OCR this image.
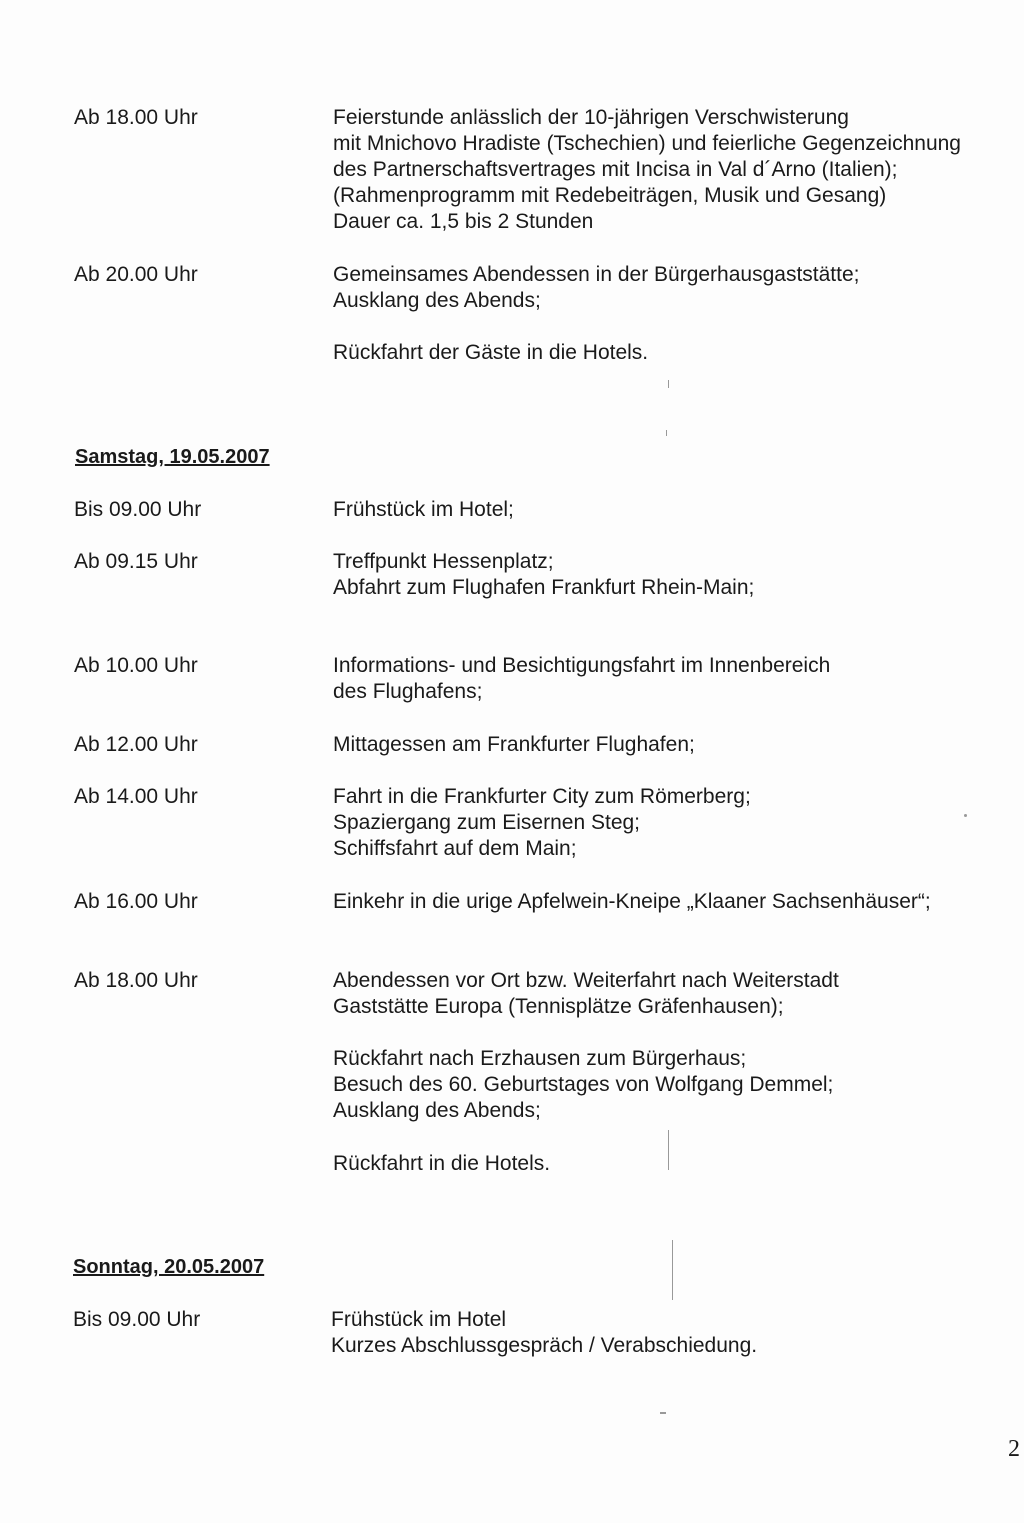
Ab 18.00 Uhr	Feierstunde anlässlich der 10-jährigen Verschwisterung
mit Mnichovo Hradiste (Tschechien) und feierliche Gegenzeichnung
des Partnerschaftsvertrages mit Incisa in Val d´Arno (Italien);
(Rahmenprogramm mit Redebeiträgen, Musik und Gesang)
Dauer ca. 1,5 bis 2 Stunden
Ab 20.00 Uhr	Gemeinsames Abendessen in der Bürgerhausgaststätte;
Ausklang des Abends;
Rückfahrt der Gäste in die Hotels.
Samstag, 19.05.2007
Bis 09.00 Uhr	Frühstück im Hotel;
Ab 09.15 Uhr	Treffpunkt Hessenplatz;
Abfahrt zum Flughafen Frankfurt Rhein-Main;
Ab 10.00 Uhr	Informations- und Besichtigungsfahrt im Innenbereich
des Flughafens;
Ab 12.00 Uhr	Mittagessen am Frankfurter Flughafen;
Ab 14.00 Uhr	Fahrt in die Frankfurter City zum Römerberg;
Spaziergang zum Eisernen Steg;
Schiffsfahrt auf dem Main;
Ab 16.00 Uhr	Einkehr in die urige Apfelwein-Kneipe „Klaaner Sachsenhäuser“;
Ab 18.00 Uhr	Abendessen vor Ort bzw. Weiterfahrt nach Weiterstadt
Gaststätte Europa (Tennisplätze Gräfenhausen);
Rückfahrt nach Erzhausen zum Bürgerhaus;
Besuch des 60. Geburtstages von Wolfgang Demmel;
Ausklang des Abends;
Rückfahrt in die Hotels.
Sonntag, 20.05.2007
Bis 09.00 Uhr	Frühstück im Hotel
Kurzes Abschlussgespräch / Verabschiedung.
2
